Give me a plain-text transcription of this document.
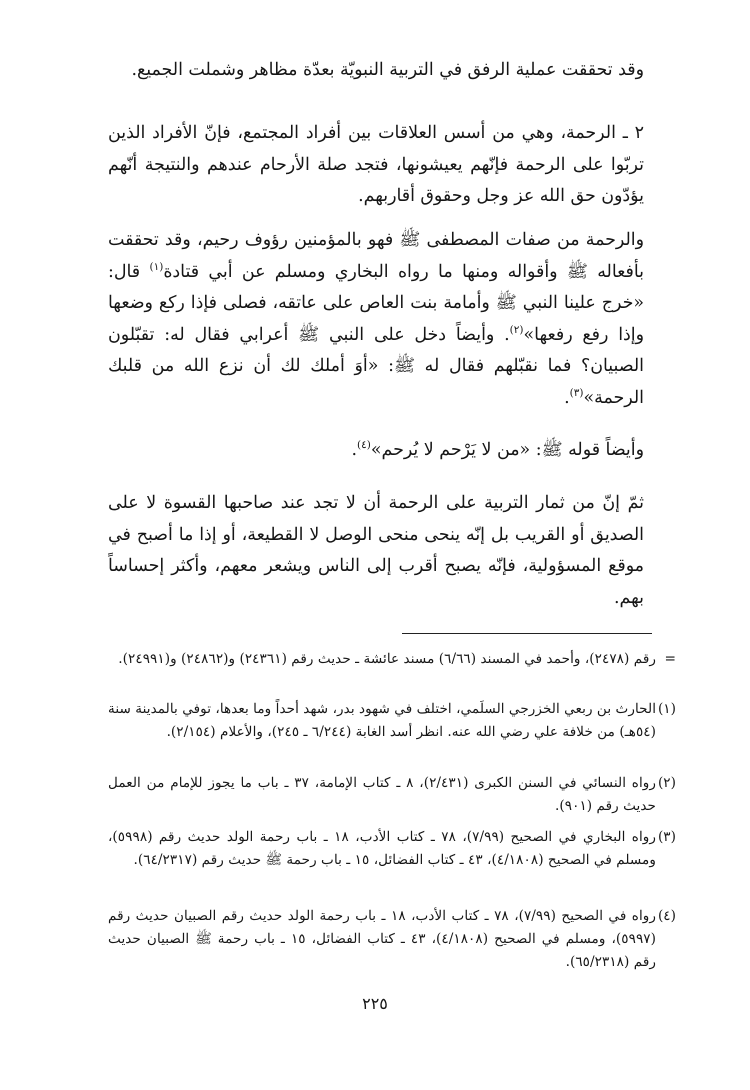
وقد تحققت عملية الرفق في التربية النبويّة بعدّة مظاهر وشملت الجميع.

٢ ـ الرحمة، وهي من أسس العلاقات بين أفراد المجتمع، فإنّ الأفراد الذين تربّوا على الرحمة فإنّهم يعيشونها، فتجد صلة الأرحام عندهم والنتيجة أنّهم يؤدّون حق الله عز وجل وحقوق أقاربهم.

والرحمة من صفات المصطفى ﷺ فهو بالمؤمنين رؤوف رحيم، وقد تحققت بأفعاله ﷺ وأقواله ومنها ما رواه البخاري ومسلم عن أبي قتادة$^{(١)}$ قال: «خرج علينا النبي ﷺ وأمامة بنت العاص على عاتقه، فصلى فإذا ركع وضعها وإذا رفع رفعها»$^{(٢)}$. وأيضاً دخل على النبي ﷺ أعرابي فقال له: تقبّلون الصبيان؟ فما نقبّلهم فقال له ﷺ: «أوَ أملك لك أن نزع الله من قلبك الرحمة»$^{(٣)}$.

وأيضاً قوله ﷺ: «من لا يَرْحم لا يُرحم»$^{(٤)}$.

ثمّ إنّ من ثمار التربية على الرحمة أن لا تجد عند صاحبها القسوة لا على الصديق أو القريب بل إنّه ينحى منحى الوصل لا القطيعة، أو إذا ما أصبح في موقع المسؤولية، فإنّه يصبح أقرب إلى الناس ويشعر معهم، وأكثر إحساساً بهم.

=
رقم (٢٤٧٨)، وأحمد في المسند (٦/٦٦) مسند عائشة ـ حديث رقم (٢٤٣٦١) و(٢٤٨٦٢) و(٢٤٩٩١).
(١)
الحارث بن ربعي الخزرجي السلَمي، اختلف في شهود بدر، شهد أحداً وما بعدها، توفي بالمدينة سنة (٥٤هـ) من خلافة علي رضي الله عنه. انظر أسد الغابة (٦/٢٤٤ ـ ٢٤٥)، والأعلام (٢/١٥٤).
(٢)
رواه النسائي في السنن الكبرى (٢/٤٣١)، ٨ ـ كتاب الإمامة، ٣٧ ـ باب ما يجوز للإمام من العمل حديث رقم (٩٠١).
(٣)
رواه البخاري في الصحيح (٧/٩٩)، ٧٨ ـ كتاب الأدب، ١٨ ـ باب رحمة الولد حديث رقم (٥٩٩٨)، ومسلم في الصحيح (٤/١٨٠٨)، ٤٣ ـ كتاب الفضائل، ١٥ ـ باب رحمة ﷺ حديث رقم (٦٤/٢٣١٧).
(٤)
رواه في الصحيح (٧/٩٩)، ٧٨ ـ كتاب الأدب، ١٨ ـ باب رحمة الولد حديث رقم الصبيان حديث رقم (٥٩٩٧)، ومسلم في الصحيح (٤/١٨٠٨)، ٤٣ ـ كتاب الفضائل، ١٥ ـ باب رحمة ﷺ الصبيان حديث رقم (٦٥/٢٣١٨).
٢٢٥
